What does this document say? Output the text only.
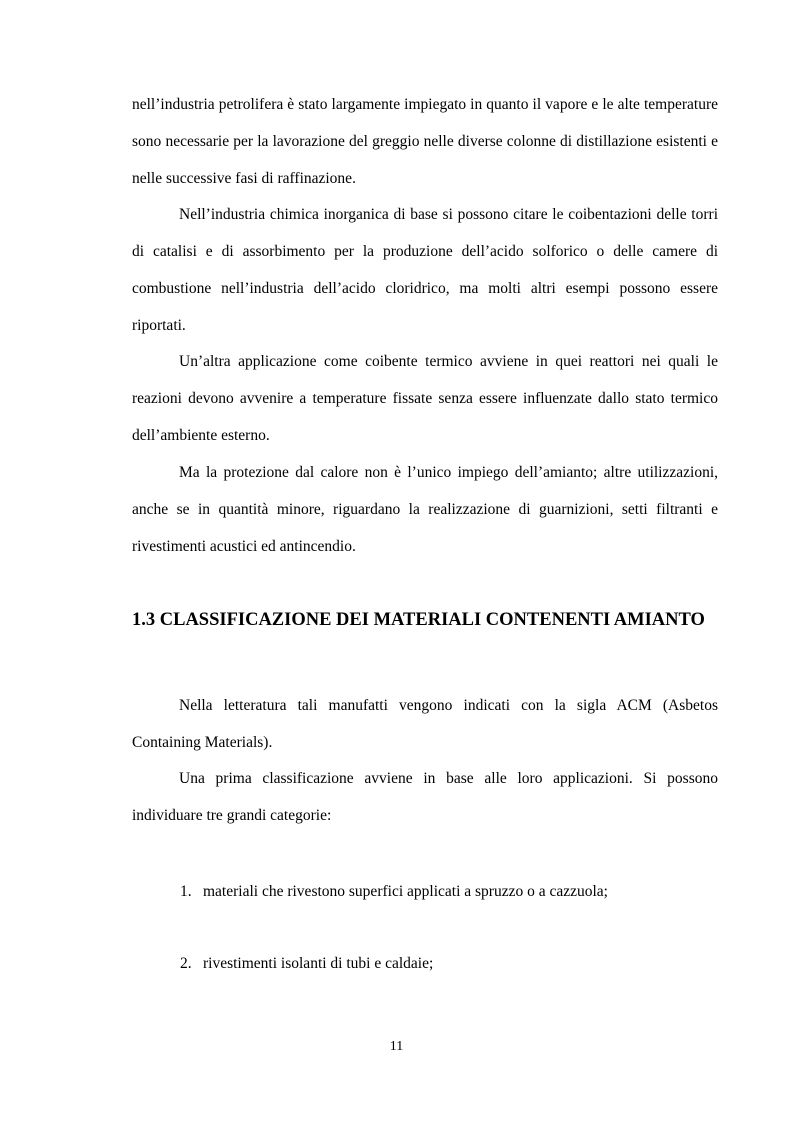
nell’industria petrolifera è stato largamente impiegato in quanto il vapore e le alte temperature sono necessarie per la lavorazione del greggio nelle diverse colonne di distillazione esistenti e nelle successive fasi di raffinazione.

Nell’industria chimica inorganica di base si possono citare le coibentazioni delle torri di catalisi e di assorbimento per la produzione dell’acido solforico o delle camere di combustione nell’industria dell’acido cloridrico, ma molti altri esempi possono essere riportati.

Un’altra applicazione come coibente termico avviene in quei reattori nei quali le reazioni devono avvenire a temperature fissate senza essere influenzate dallo stato termico dell’ambiente esterno.

Ma la protezione dal calore non è l’unico impiego dell’amianto; altre utilizzazioni, anche se in quantità minore, riguardano la realizzazione di guarnizioni, setti filtranti e rivestimenti acustici ed antincendio.

1.3 CLASSIFICAZIONE DEI MATERIALI CONTENENTI AMIANTO

Nella letteratura tali manufatti vengono indicati con la sigla ACM (Asbetos Containing Materials).

Una prima classificazione avviene in base alle loro applicazioni. Si possono individuare tre grandi categorie:

1. materiali che rivestono superfici applicati a spruzzo o a cazzuola;

2. rivestimenti isolanti di tubi e caldaie;

11
